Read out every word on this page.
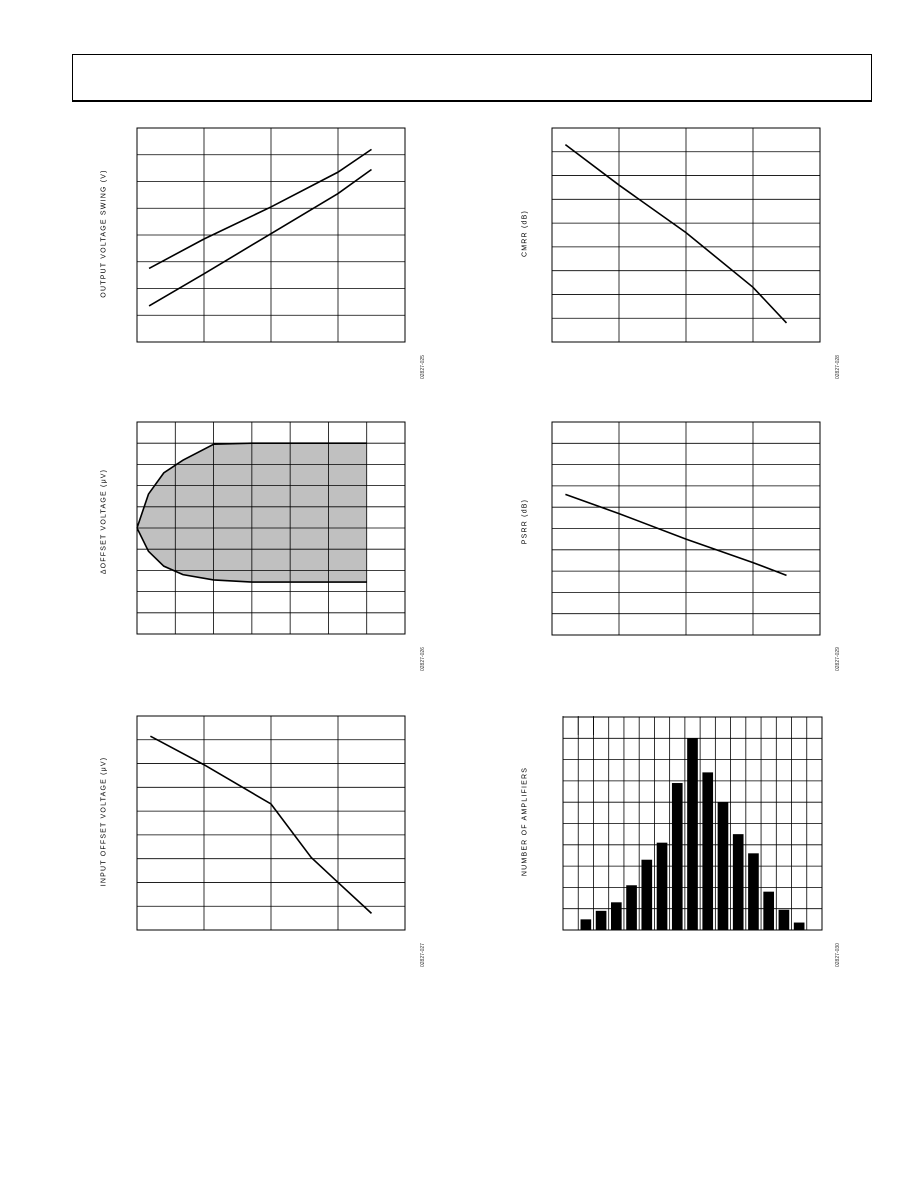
OUTPUT VOLTAGE SWING (V)
02827-025
CMRR (dB)
02827-028
ΔOFFSET VOLTAGE (μV)
02827-026
PSRR (dB)
02827-029
INPUT OFFSET VOLTAGE (μV)
02827-027
NUMBER OF AMPLIFIERS
02827-030
